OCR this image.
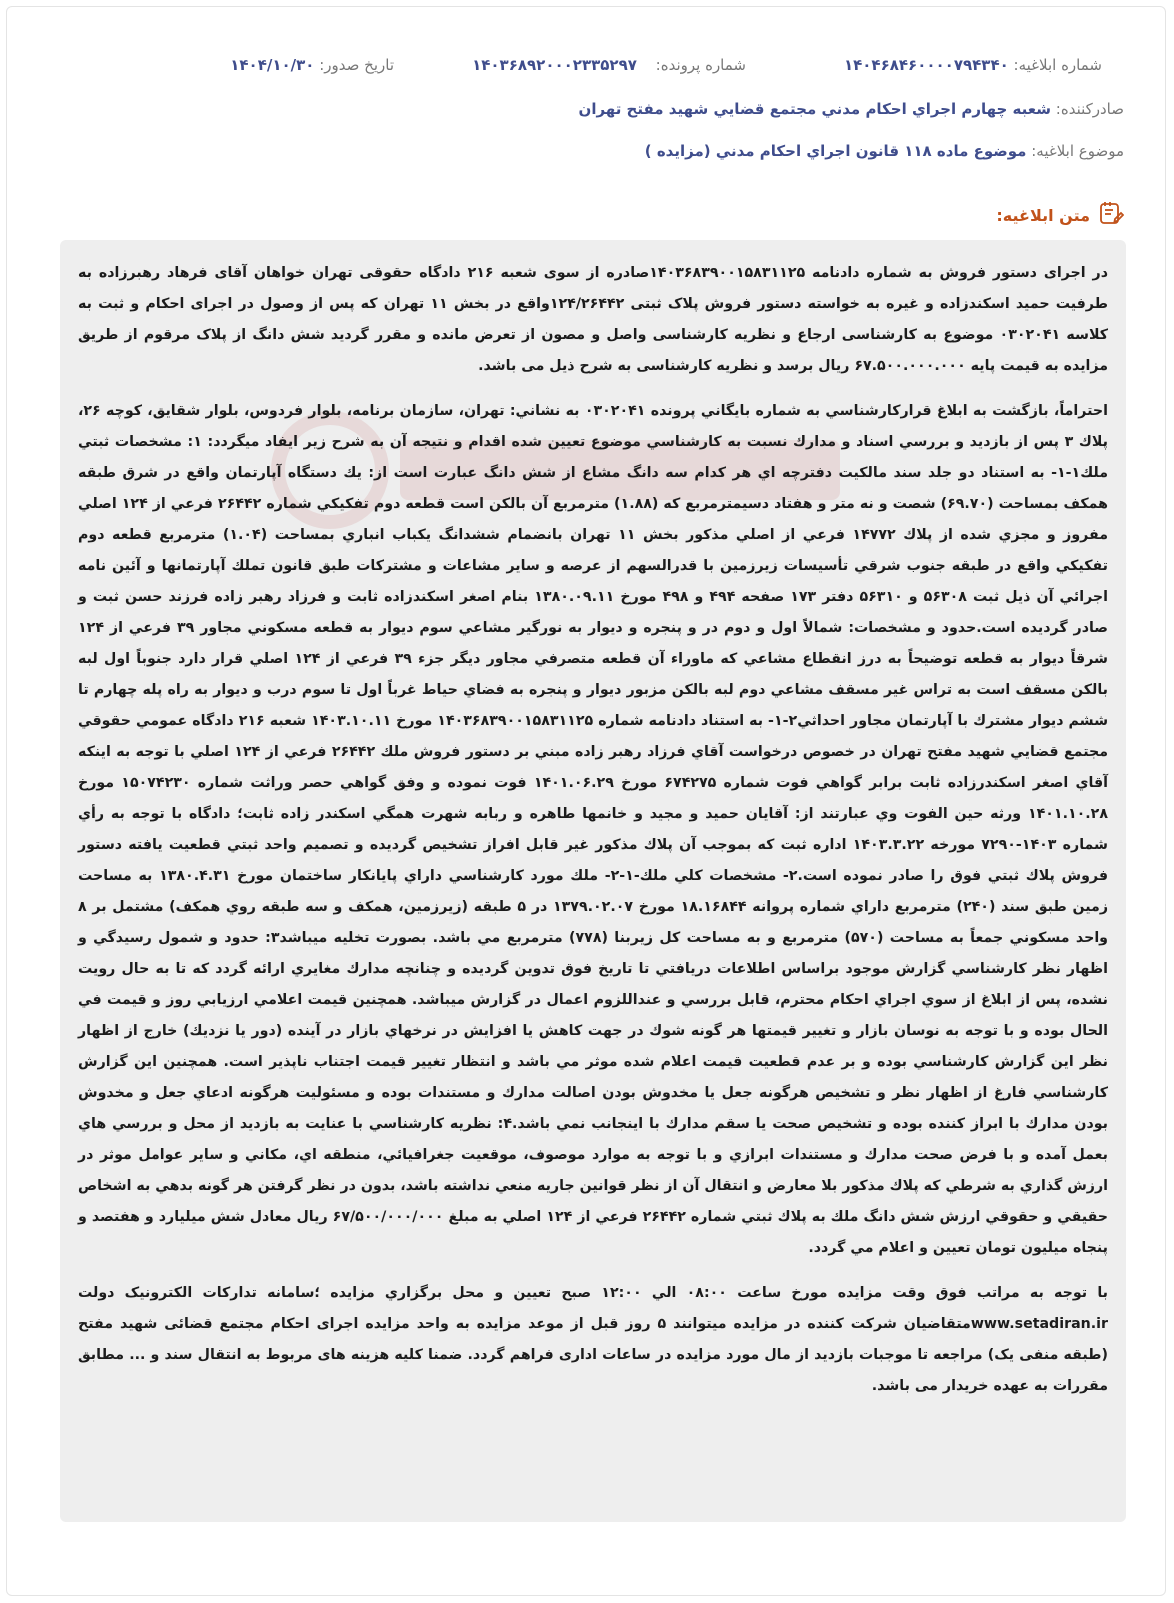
شماره ابلاغیه: ۱۴۰۴۶۸۴۶۰۰۰۰۷۹۴۳۴۰
شماره پرونده: ۱۴۰۳۶۸۹۲۰۰۰۲۳۳۵۲۹۷
تاریخ صدور: ۱۴۰۴/۱۰/۳۰
صادرکننده: شعبه چهارم اجراي احكام مدني مجتمع قضايي شهيد مفتح تهران
موضوع ابلاغیه: موضوع ماده ۱۱۸ قانون اجراي احكام مدني (مزايده )
متن ابلاغیه:

در اجرای دستور فروش به شماره دادنامه ۱۴۰۳۶۸۳۹۰۰۱۵۸۳۱۱۲۵صادره از سوی شعبه ۲۱۶ دادگاه حقوقی تهران خواهان آقای فرهاد رهبرزاده به طرفیت حمید اسکندزاده و غیره به خواسته دستور فروش پلاک ثبتی ۱۲۴/۲۶۴۴۲واقع در بخش ۱۱ تهران که پس از وصول در اجرای احکام و ثبت به کلاسه ۰۳۰۲۰۴۱ موضوع به کارشناسی ارجاع و نظریه کارشناسی واصل و مصون از تعرض مانده و مقرر گردید شش دانگ از پلاک مرقوم از طریق مزایده به قیمت پایه ۶۷.۵۰۰.۰۰۰.۰۰۰ ریال برسد و نظریه کارشناسی به شرح ذیل می باشد.

احتراماً، بازگشت به ابلاغ قرارکارشناسي به شماره بايگاني پرونده ۰۳۰۲۰۴۱ به نشاني: تهران، سازمان برنامه، بلوار فردوس، بلوار شقايق، كوچه ۲۶، پلاك ۳ پس از بازديد و بررسي اسناد و مدارك نسبت به كارشناسي موضوع تعيين شده اقدام و نتيجه آن به شرح زير ايفاد ميگردد: ۱: مشخصات ثبتي ملك۱-۱- به استناد دو جلد سند مالكيت دفترچه اي هر كدام سه دانگ مشاع از شش دانگ عبارت است از: يك دستگاه آپارتمان واقع در شرق طبقه همكف بمساحت (۶۹.۷۰) شصت و نه متر و هفتاد دسيمترمربع كه (۱.۸۸) مترمربع آن بالكن است قطعه دوم تفكيكي شماره ۲۶۴۴۲ فرعي از ۱۲۴ اصلي مفروز و مجزي شده از پلاك ۱۴۷۷۲ فرعي از اصلي مذكور بخش ۱۱ تهران بانضمام ششدانگ يكباب انباري بمساحت (۱.۰۴) مترمربع قطعه دوم تفكيكي واقع در طبقه جنوب شرقي تأسيسات زيرزمين با قدرالسهم از عرصه و ساير مشاعات و مشتركات طبق قانون تملك آپارتمانها و آئين نامه اجرائي آن ذيل ثبت ۵۶۳۰۸ و ۵۶۳۱۰ دفتر ۱۷۳ صفحه ۴۹۴ و ۴۹۸ مورخ ۱۳۸۰.۰۹.۱۱ بنام اصغر اسكندزاده ثابت و فرزاد رهبر زاده فرزند حسن ثبت و صادر گرديده است.حدود و مشخصات: شمالاً اول و دوم در و پنجره و ديوار به نورگير مشاعي سوم ديوار به قطعه مسكوني مجاور ۳۹ فرعي از ۱۲۴ شرقاً ديوار به قطعه توضيحاً به درز انقطاع مشاعي كه ماوراء آن قطعه متصرفي مجاور ديگر جزء ۳۹ فرعي از ۱۲۴ اصلي قرار دارد جنوباً اول لبه بالكن مسقف است به تراس غير مسقف مشاعي دوم لبه بالكن مزبور ديوار و پنجره به فضاي حياط غرباً اول تا سوم درب و ديوار به راه پله چهارم تا ششم ديوار مشترك با آپارتمان مجاور احداثي۲-۱- به استناد دادنامه شماره ۱۴۰۳۶۸۳۹۰۰۱۵۸۳۱۱۲۵ مورخ ۱۴۰۳.۱۰.۱۱ شعبه ۲۱۶ دادگاه عمومي حقوقي مجتمع قضايي شهيد مفتح تهران در خصوص درخواست آقاي فرزاد رهبر زاده مبني بر دستور فروش ملك ۲۶۴۴۲ فرعي از ۱۲۴ اصلي با توجه به اينكه آقاي اصغر اسكندرزاده ثابت برابر گواهي فوت شماره ۶۷۴۲۷۵ مورخ ۱۴۰۱.۰۶.۲۹ فوت نموده و وفق گواهي حصر وراثت شماره ۱۵۰۷۴۲۳۰ مورخ ۱۴۰۱.۱۰.۲۸ ورثه حين الفوت وي عبارتند از: آقايان حميد و مجيد و خانمها طاهره و ربابه شهرت همگي اسكندر زاده ثابت؛ دادگاه با توجه به رأي شماره ۱۴۰۳-۷۲۹۰ مورخه ۱۴۰۳.۳.۲۲ اداره ثبت كه بموجب آن پلاك مذكور غير قابل افراز تشخيص گرديده و تصميم واحد ثبتي قطعيت يافته دستور فروش پلاك ثبتي فوق را صادر نموده است.۲- مشخصات كلي ملك-۱-۲- ملك مورد كارشناسي داراي پايانكار ساختمان مورخ ۱۳۸۰.۴.۳۱ به مساحت زمين طبق سند (۲۴۰) مترمربع داراي شماره پروانه ۱۸.۱۶۸۴۴ مورخ ۱۳۷۹.۰۲.۰۷ در ۵ طبقه (زيرزمين، همكف و سه طبقه روي همكف) مشتمل بر ۸ واحد مسكوني جمعاً به مساحت (۵۷۰) مترمربع و به مساحت كل زيربنا (۷۷۸) مترمربع مي باشد. بصورت تخليه ميباشد۳: حدود و شمول رسيدگي و اظهار نظر كارشناسي گزارش موجود براساس اطلاعات دريافتي تا تاريخ فوق تدوين گرديده و چنانچه مدارك مغايري ارائه گردد كه تا به حال رويت نشده، پس از ابلاغ از سوي اجراي احكام محترم، قابل بررسي و عنداللزوم اعمال در گزارش ميباشد. همچنين قيمت اعلامي ارزيابي روز و قيمت في الحال بوده و با توجه به نوسان بازار و تغيير قيمتها هر گونه شوك در جهت كاهش يا افزايش در نرخهاي بازار در آينده (دور يا نزديك) خارج از اظهار نظر اين گزارش كارشناسي بوده و بر عدم قطعيت قيمت اعلام شده موثر مي باشد و انتظار تغيير قيمت اجتناب ناپذير است. همچنين اين گزارش كارشناسي فارغ از اظهار نظر و تشخيص هرگونه جعل يا مخدوش بودن اصالت مدارك و مستندات بوده و مسئوليت هرگونه ادعاي جعل و مخدوش بودن مدارك با ابراز كننده بوده و تشخيص صحت يا سقم مدارك با اينجانب نمي باشد.۴: نظريه كارشناسي با عنايت به بازديد از محل و بررسي هاي بعمل آمده و با فرض صحت مدارك و مستندات ابرازي و با توجه به موارد موصوف، موقعيت جغرافيائي، منطقه اي، مكاني و ساير عوامل موثر در ارزش گذاري به شرطي كه پلاك مذكور بلا معارض و انتقال آن از نظر قوانين جاريه منعي نداشته باشد، بدون در نظر گرفتن هر گونه بدهي به اشخاص حقيقي و حقوقي ارزش شش دانگ ملك به پلاك ثبتي شماره ۲۶۴۴۲ فرعي از ۱۲۴ اصلي به مبلغ ۶۷/۵۰۰/۰۰۰/۰۰۰ ريال معادل شش ميليارد و هفتصد و پنجاه ميليون تومان تعيين و اعلام مي گردد.

با توجه به مراتب فوق وقت مزایده مورخ ساعت ۰۸:۰۰ الي ۱۲:۰۰ صبح تعیین و محل برگزاري مزايده ؛سامانه تدارکات الکترونیک دولت www.setadiran.irمتقاضیان شرکت کننده در مزایده میتوانند ۵ روز قبل از موعد مزایده به واحد مزایده اجرای احکام مجتمع قضائی شهید مفتح (طبقه منفی یک) مراجعه تا موجبات بازدید از مال مورد مزایده در ساعات اداری فراهم گردد. ضمنا کلیه هزینه های مربوط به انتقال سند و ... مطابق مقررات به عهده خریدار می باشد.
